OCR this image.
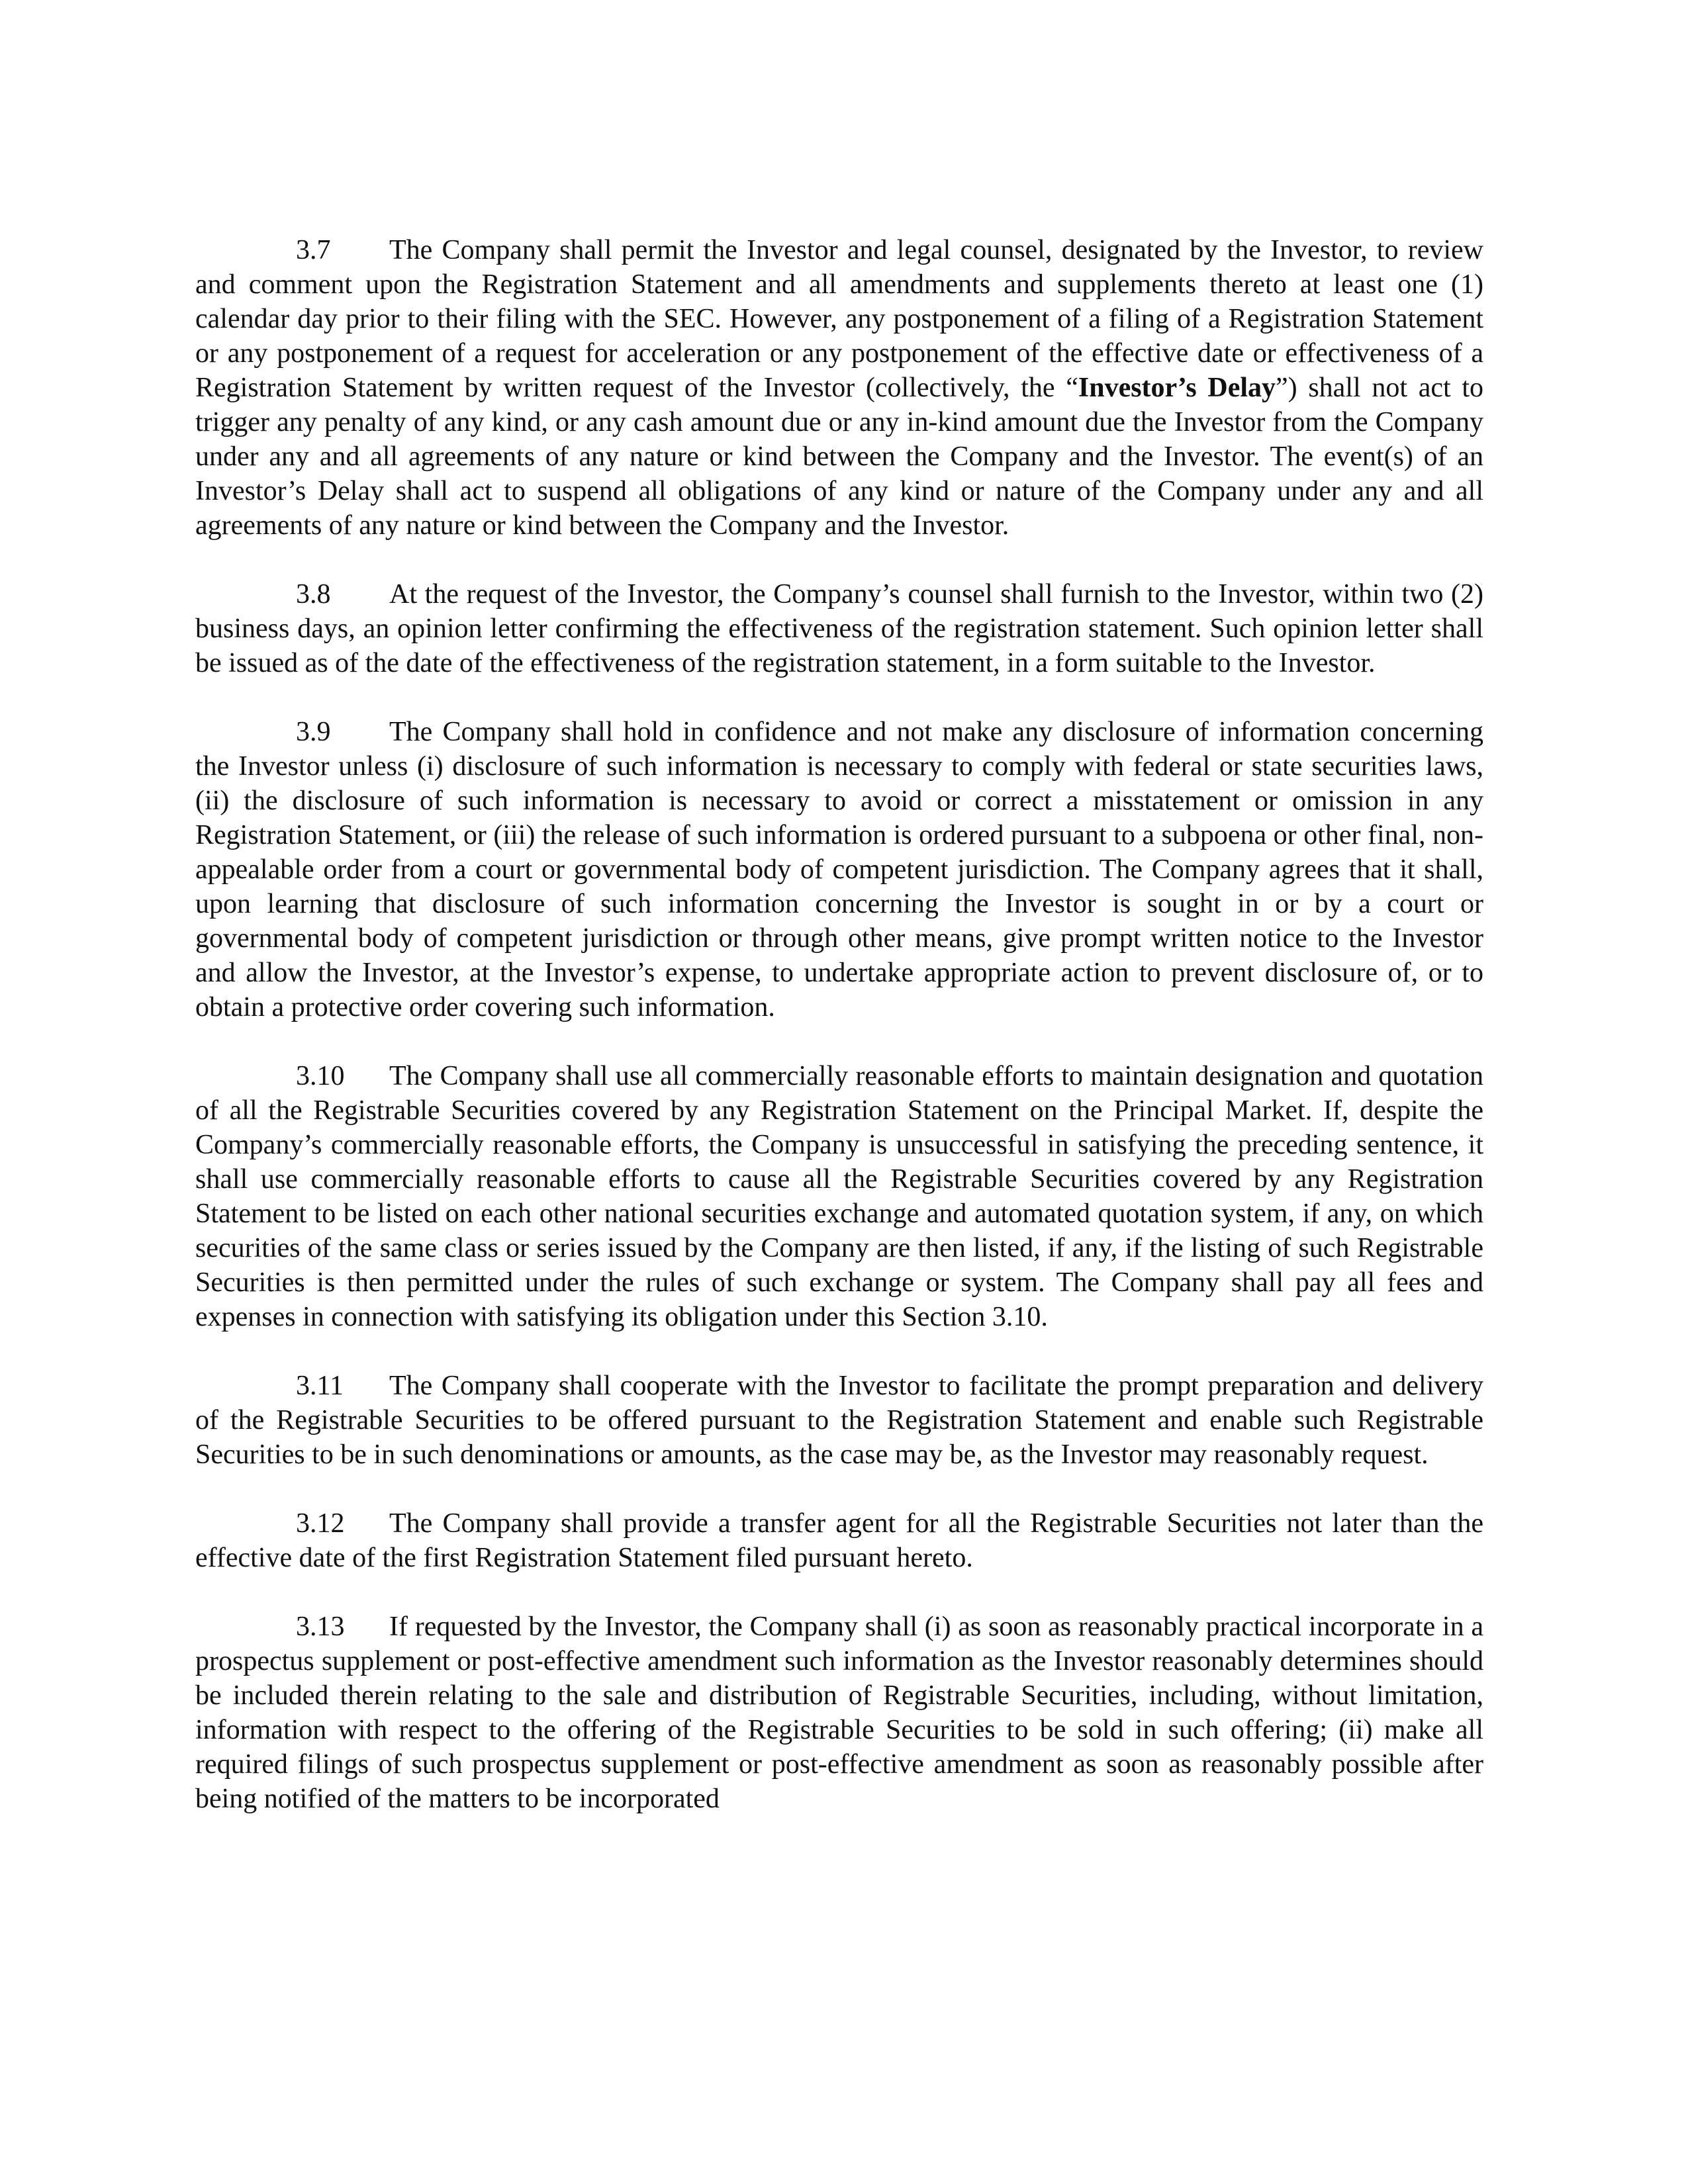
3.7 The Company shall permit the Investor and legal counsel, designated by the Investor, to review and comment upon the Registration Statement and all amendments and supplements thereto at least one (1) calendar day prior to their filing with the SEC. However, any postponement of a filing of a Registration Statement or any postponement of a request for acceleration or any postponement of the effective date or effectiveness of a Registration Statement by written request of the Investor (collectively, the “Investor’s Delay”) shall not act to trigger any penalty of any kind, or any cash amount due or any in-kind amount due the Investor from the Company under any and all agreements of any nature or kind between the Company and the Investor. The event(s) of an Investor’s Delay shall act to suspend all obligations of any kind or nature of the Company under any and all agreements of any nature or kind between the Company and the Investor.

3.8 At the request of the Investor, the Company’s counsel shall furnish to the Investor, within two (2) business days, an opinion letter confirming the effectiveness of the registration statement. Such opinion letter shall be issued as of the date of the effectiveness of the registration statement, in a form suitable to the Investor.

3.9 The Company shall hold in confidence and not make any disclosure of information concerning the Investor unless (i) disclosure of such information is necessary to comply with federal or state securities laws, (ii) the disclosure of such information is necessary to avoid or correct a misstatement or omission in any Registration Statement, or (iii) the release of such information is ordered pursuant to a subpoena or other final, non-appealable order from a court or governmental body of competent jurisdiction. The Company agrees that it shall, upon learning that disclosure of such information concerning the Investor is sought in or by a court or governmental body of competent jurisdiction or through other means, give prompt written notice to the Investor and allow the Investor, at the Investor’s expense, to undertake appropriate action to prevent disclosure of, or to obtain a protective order covering such information.

3.10 The Company shall use all commercially reasonable efforts to maintain designation and quotation of all the Registrable Securities covered by any Registration Statement on the Principal Market. If, despite the Company’s commercially reasonable efforts, the Company is unsuccessful in satisfying the preceding sentence, it shall use commercially reasonable efforts to cause all the Registrable Securities covered by any Registration Statement to be listed on each other national securities exchange and automated quotation system, if any, on which securities of the same class or series issued by the Company are then listed, if any, if the listing of such Registrable Securities is then permitted under the rules of such exchange or system. The Company shall pay all fees and expenses in connection with satisfying its obligation under this Section 3.10.

3.11 The Company shall cooperate with the Investor to facilitate the prompt preparation and delivery of the Registrable Securities to be offered pursuant to the Registration Statement and enable such Registrable Securities to be in such denominations or amounts, as the case may be, as the Investor may reasonably request.

3.12 The Company shall provide a transfer agent for all the Registrable Securities not later than the effective date of the first Registration Statement filed pursuant hereto.

3.13 If requested by the Investor, the Company shall (i) as soon as reasonably practical incorporate in a prospectus supplement or post-effective amendment such information as the Investor reasonably determines should be included therein relating to the sale and distribution of Registrable Securities, including, without limitation, information with respect to the offering of the Registrable Securities to be sold in such offering; (ii) make all required filings of such prospectus supplement or post-effective amendment as soon as reasonably possible after being notified of the matters to be incorporated
